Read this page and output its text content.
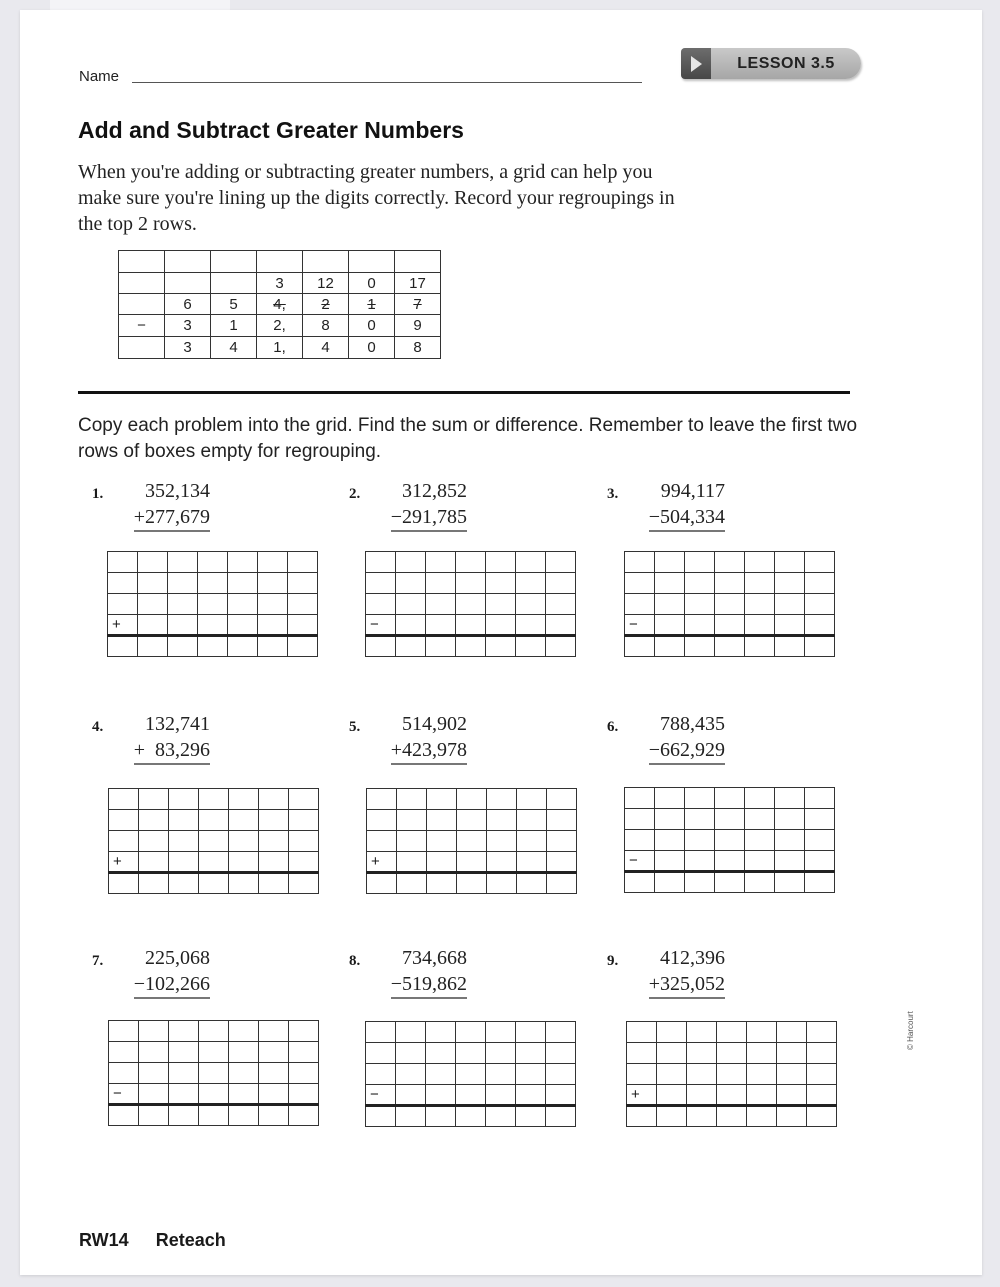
Name
LESSON 3.5
Add and Subtract Greater Numbers
When you're adding or subtracting greater numbers, a grid can help you make sure you're lining up the digits correctly. Record your regroupings in the top 2 rows.

			3	12	0	17
	6	5	4,	2	1	7
−	3	1	2,	8	0	9
	3	4	1,	4	0	8
Copy each problem into the grid. Find the sum or difference. Remember to leave the first two rows of boxes empty for regrouping.
1. 352,134
+277,679

+						

2. 312,852
−291,785

−						

3. 994,117
−504,334

−						

4. 132,741
+  83,296

+						

5. 514,902
+423,978

+						

6. 788,435
−662,929

−						

7. 225,068
−102,266

−						

8. 734,668
−519,862

−						

9. 412,396
+325,052

+						

RW14 Reteach
© Harcourt
